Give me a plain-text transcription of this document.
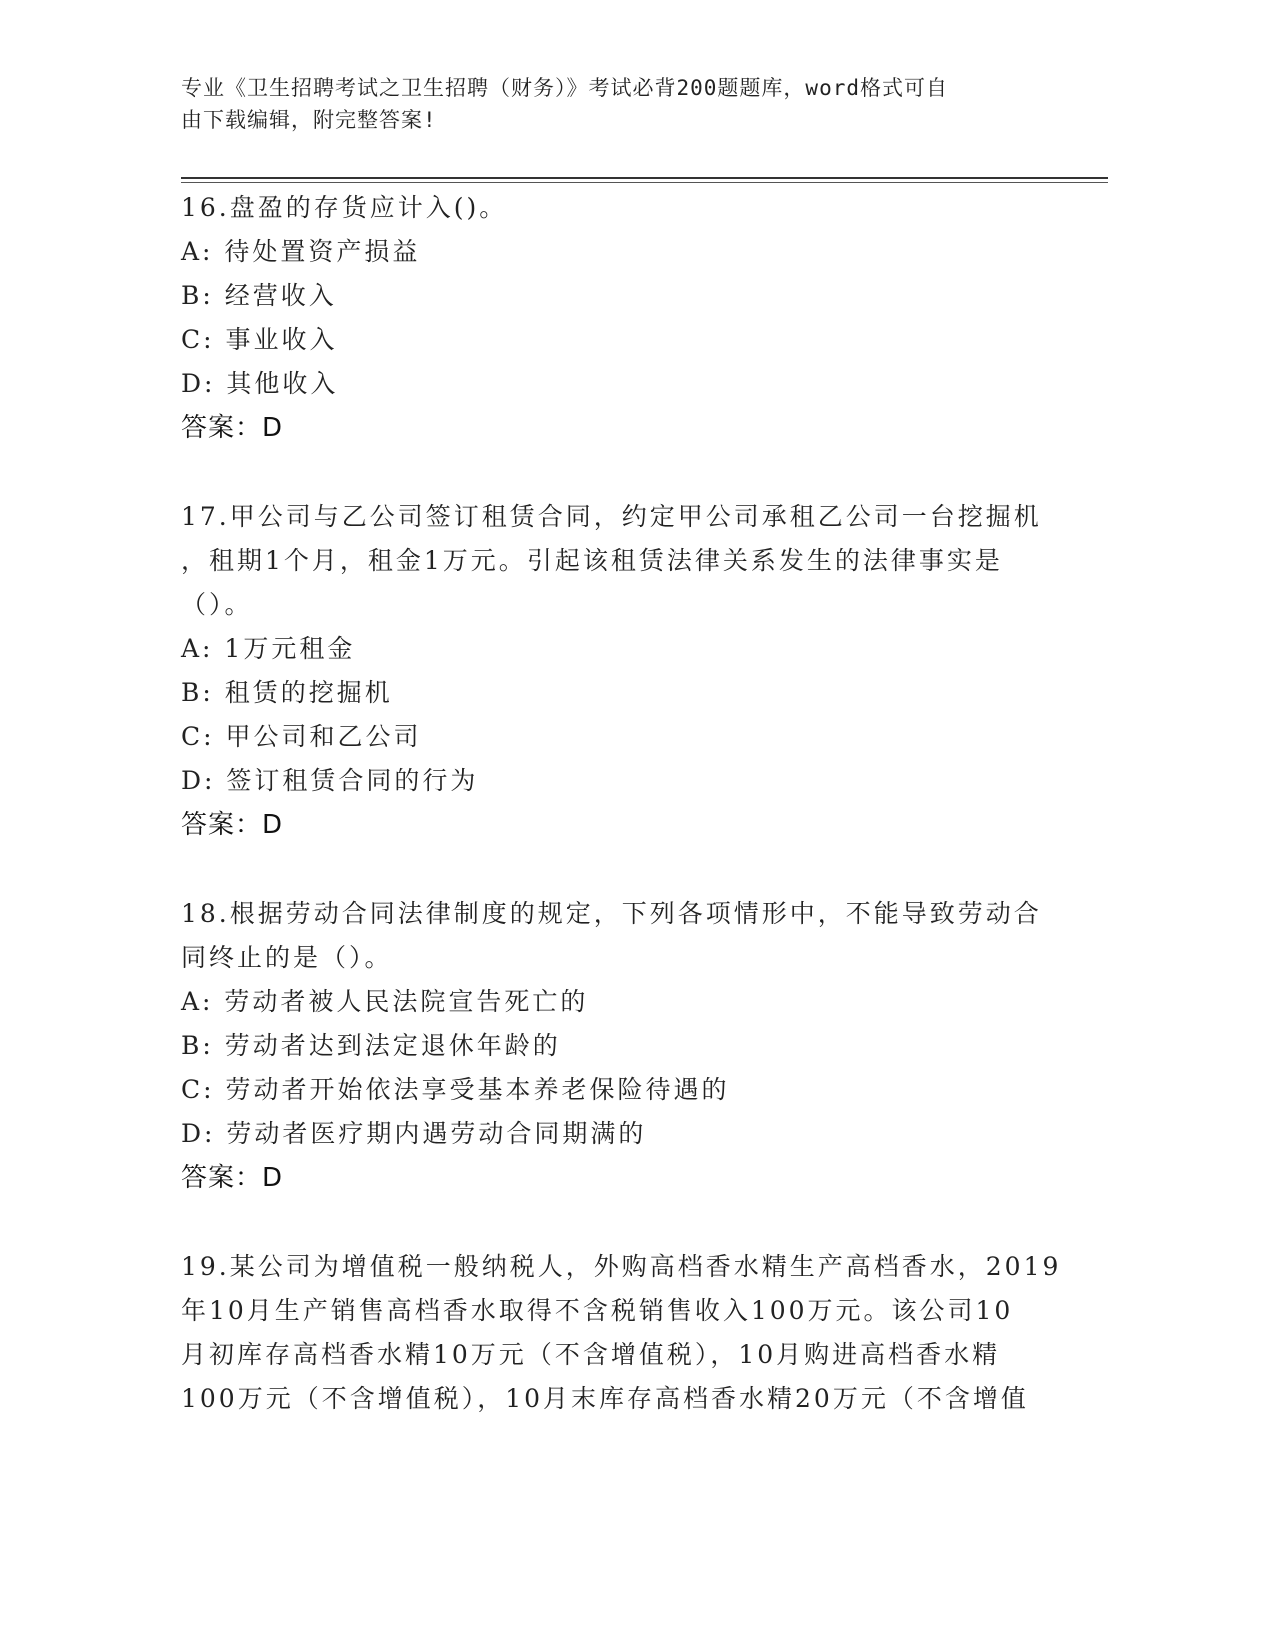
专业《卫生招聘考试之卫生招聘（财务）》考试必背200题题库，word格式可自
由下载编辑，附完整答案!
16.盘盈的存货应计入()。
A: 待处置资产损益
B: 经营收入
C: 事业收入
D: 其他收入
答案：D
17.甲公司与乙公司签订租赁合同，约定甲公司承租乙公司一台挖掘机
，租期1个月，租金1万元。引起该租赁法律关系发生的法律事实是
（）。
A: 1万元租金
B: 租赁的挖掘机
C: 甲公司和乙公司
D: 签订租赁合同的行为
答案：D
18.根据劳动合同法律制度的规定，下列各项情形中，不能导致劳动合
同终止的是（）。
A: 劳动者被人民法院宣告死亡的
B: 劳动者达到法定退休年龄的
C: 劳动者开始依法享受基本养老保险待遇的
D: 劳动者医疗期内遇劳动合同期满的
答案：D
19.某公司为增值税一般纳税人，外购高档香水精生产高档香水，2019
年10月生产销售高档香水取得不含税销售收入100万元。该公司10
月初库存高档香水精10万元（不含增值税），10月购进高档香水精
100万元（不含增值税），10月末库存高档香水精20万元（不含增值
